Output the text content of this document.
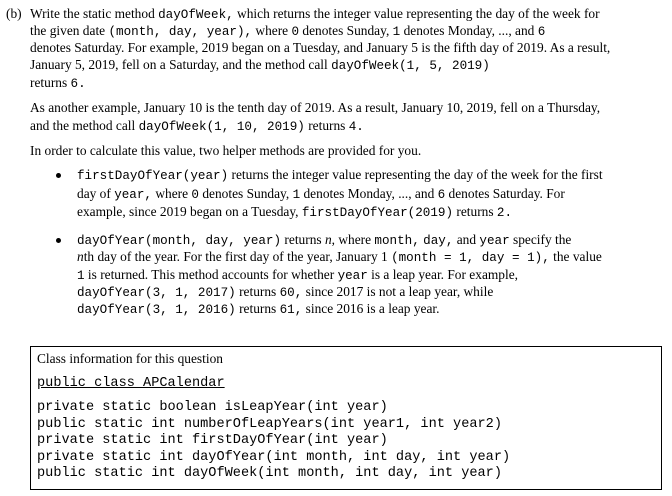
(b) Write the static method dayOfWeek, which returns the integer value representing the day of the week for
the given date (month, day, year), where 0 denotes Sunday, 1 denotes Monday, ..., and 6
denotes Saturday. For example, 2019 began on a Tuesday, and January 5 is the fifth day of 2019. As a result,
January 5, 2019, fell on a Saturday, and the method call dayOfWeek(1, 5, 2019)
returns 6.
As another example, January 10 is the tenth day of 2019. As a result, January 10, 2019, fell on a Thursday,
and the method call dayOfWeek(1, 10, 2019) returns 4.
In order to calculate this value, two helper methods are provided for you.
firstDayOfYear(year) returns the integer value representing the day of the week for the first
day of year, where 0 denotes Sunday, 1 denotes Monday, ..., and 6 denotes Saturday. For
example, since 2019 began on a Tuesday, firstDayOfYear(2019) returns 2.
dayOfYear(month, day, year) returns n, where month, day, and year specify the
nth day of the year. For the first day of the year, January 1 (month = 1, day = 1), the value
1 is returned. This method accounts for whether year is a leap year. For example,
dayOfYear(3, 1, 2017) returns 60, since 2017 is not a leap year, while
dayOfYear(3, 1, 2016) returns 61, since 2016 is a leap year.
Class information for this question
public class APCalendar
private static boolean isLeapYear(int year)
public static int numberOfLeapYears(int year1, int year2)
private static int firstDayOfYear(int year)
private static int dayOfYear(int month, int day, int year)
public static int dayOfWeek(int month, int day, int year)
